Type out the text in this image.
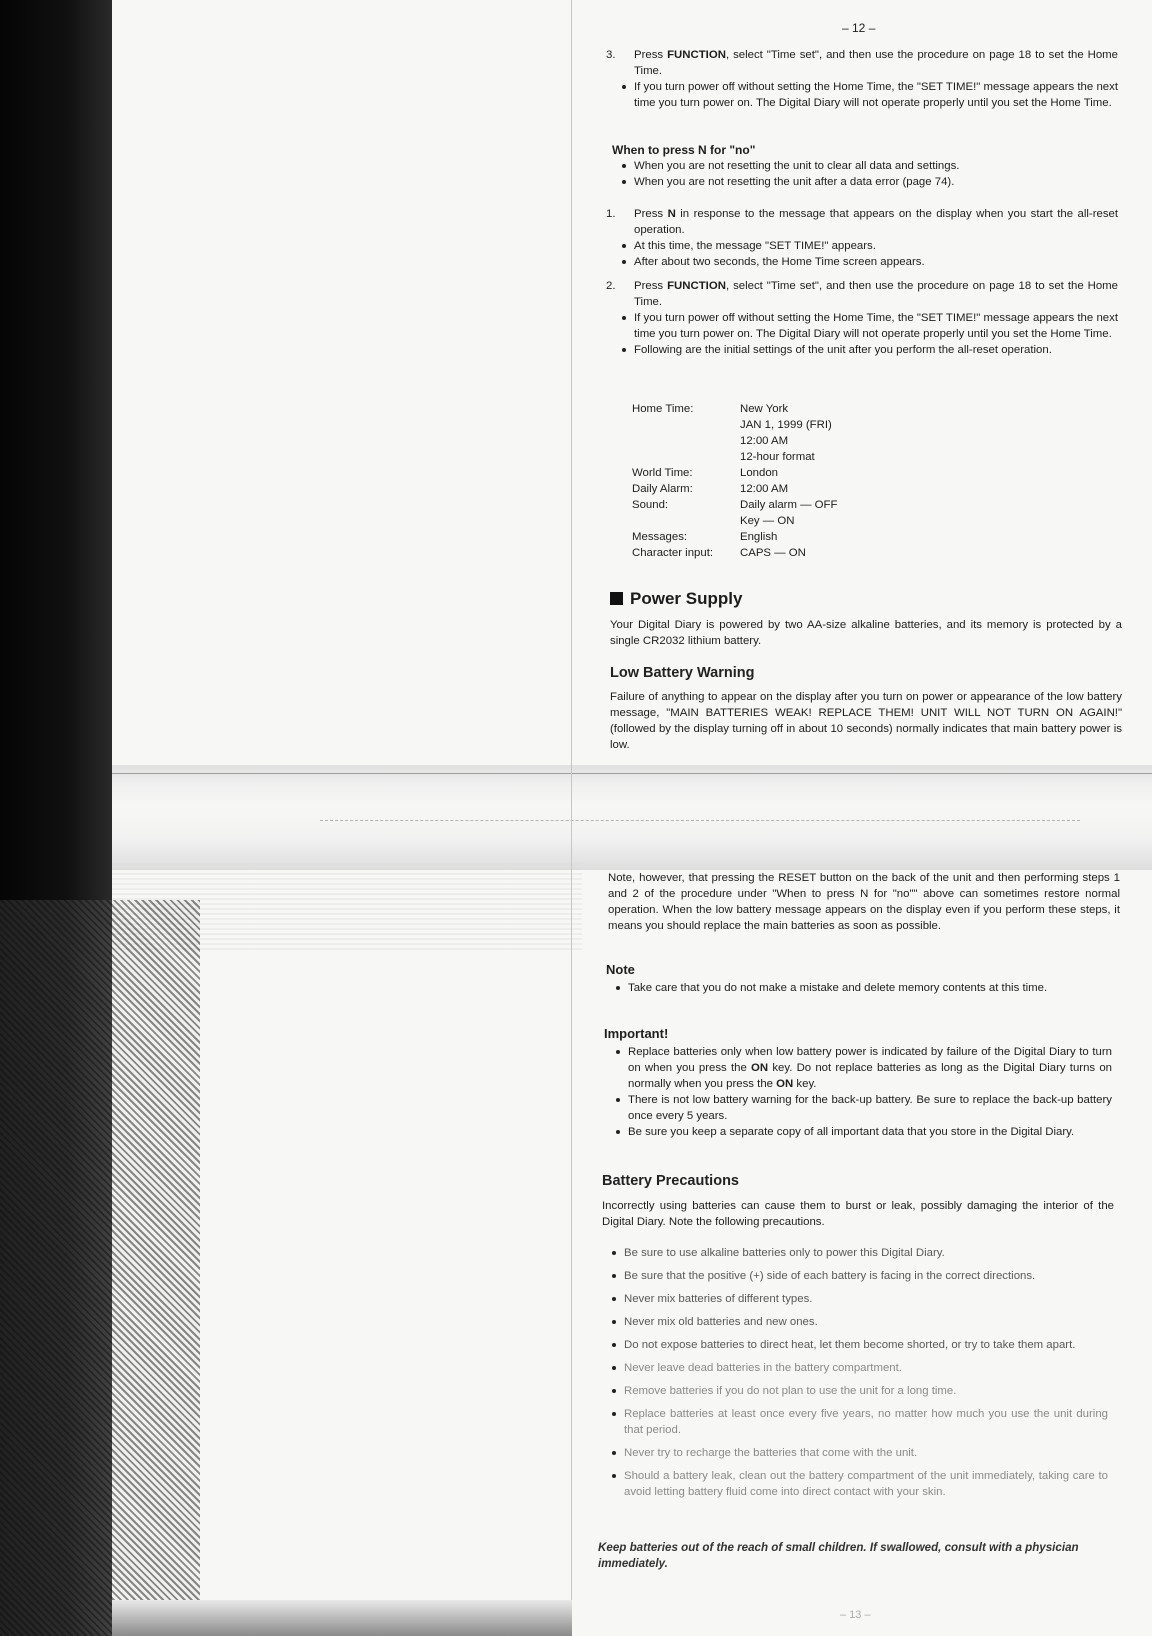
– 12 –
3. Press FUNCTION, select "Time set", and then use the procedure on page 18 to set the Home Time.
If you turn power off without setting the Home Time, the "SET TIME!" message appears the next time you turn power on. The Digital Diary will not operate properly until you set the Home Time.
When to press N for "no"
When you are not resetting the unit to clear all data and settings.
When you are not resetting the unit after a data error (page 74).
1. Press N in response to the message that appears on the display when you start the all-reset operation.
At this time, the message "SET TIME!" appears.
After about two seconds, the Home Time screen appears.
2. Press FUNCTION, select "Time set", and then use the procedure on page 18 to set the Home Time.
If you turn power off without setting the Home Time, the "SET TIME!" message appears the next time you turn power on. The Digital Diary will not operate properly until you set the Home Time.
Following are the initial settings of the unit after you perform the all-reset operation.
Home Time:	New York
JAN 1, 1999 (FRI)
12:00 AM
12-hour format
World Time:	London
Daily Alarm:	12:00 AM
Sound:	Daily alarm — OFF
Key — ON
Messages:	English
Character input:	CAPS — ON
Power Supply

Your Digital Diary is powered by two AA-size alkaline batteries, and its memory is protected by a single CR2032 lithium battery.

Low Battery Warning

Failure of anything to appear on the display after you turn on power or appearance of the low battery message, "MAIN BATTERIES WEAK! REPLACE THEM! UNIT WILL NOT TURN ON AGAIN!" (followed by the display turning off in about 10 seconds) normally indicates that main battery power is low.

Note, however, that pressing the RESET button on the back of the unit and then performing steps 1 and 2 of the procedure under "When to press N for "no"" above can sometimes restore normal operation. When the low battery message appears on the display even if you perform these steps, it means you should replace the main batteries as soon as possible.

Note
Take care that you do not make a mistake and delete memory contents at this time.
Important!
Replace batteries only when low battery power is indicated by failure of the Digital Diary to turn on when you press the ON key. Do not replace batteries as long as the Digital Diary turns on normally when you press the ON key.
There is not low battery warning for the back-up battery. Be sure to replace the back-up battery once every 5 years.
Be sure you keep a separate copy of all important data that you store in the Digital Diary.
Battery Precautions

Incorrectly using batteries can cause them to burst or leak, possibly damaging the interior of the Digital Diary. Note the following precautions.

Be sure to use alkaline batteries only to power this Digital Diary.
Be sure that the positive (+) side of each battery is facing in the correct directions.
Never mix batteries of different types.
Never mix old batteries and new ones.
Do not expose batteries to direct heat, let them become shorted, or try to take them apart.
Never leave dead batteries in the battery compartment.
Remove batteries if you do not plan to use the unit for a long time.
Replace batteries at least once every five years, no matter how much you use the unit during that period.
Never try to recharge the batteries that come with the unit.
Should a battery leak, clean out the battery compartment of the unit immediately, taking care to avoid letting battery fluid come into direct contact with your skin.
Keep batteries out of the reach of small children. If swallowed, consult with a physician immediately.
– 13 –
